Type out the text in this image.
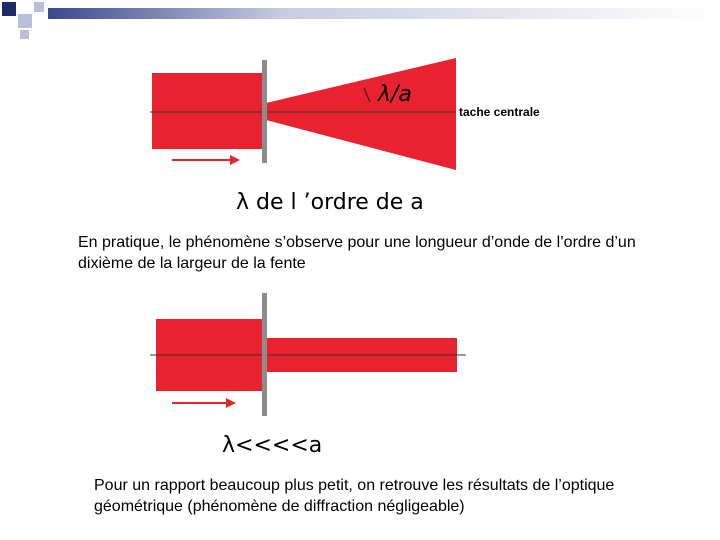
λ/a
tache centrale
λ de l ’ordre de a

En pratique, le phénomène s’observe pour une longueur d’onde de l’ordre d’un dixième de la largeur de la fente

λ<<<<a

Pour un rapport beaucoup plus petit, on retrouve les résultats de l’optique géométrique (phénomène de diffraction négligeable)
